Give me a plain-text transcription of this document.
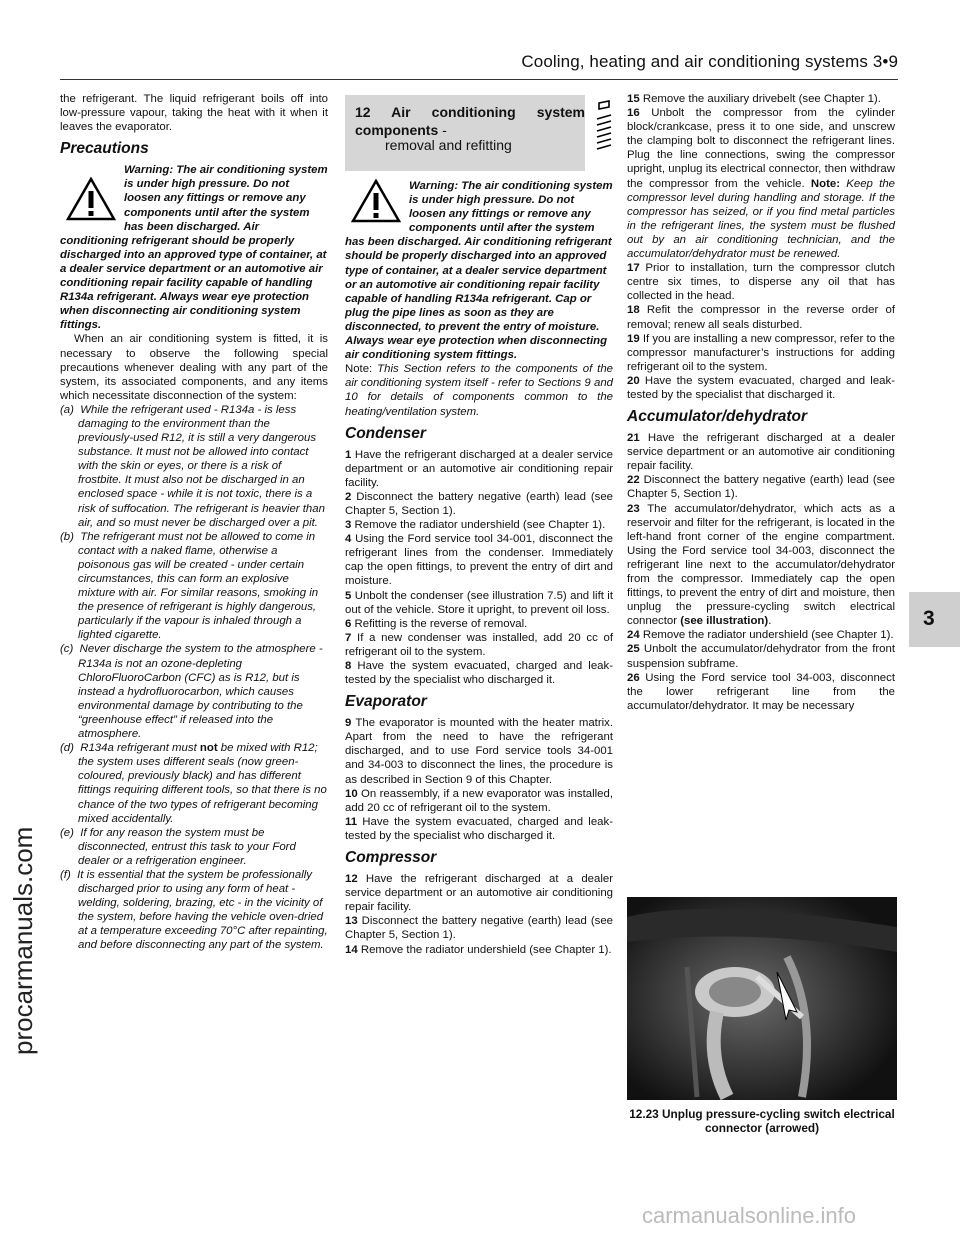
Cooling, heating and air conditioning systems 3•9

the refrigerant. The liquid refrigerant boils off into low-pressure vapour, taking the heat with it when it leaves the evaporator.

Precautions
Warning: The air conditioning system is under high pressure. Do not loosen any fittings or remove any components until after the system has been discharged. Air conditioning refrigerant should be properly discharged into an approved type of container, at a dealer service department or an automotive air conditioning repair facility capable of handling R134a refrigerant. Always wear eye protection when disconnecting air conditioning system fittings.

When an air conditioning system is fitted, it is necessary to observe the following special precautions whenever dealing with any part of the system, its associated components, and any items which necessitate disconnection of the system:

(a)  While the refrigerant used - R134a - is less damaging to the environment than the previously-used R12, it is still a very dangerous substance. It must not be allowed into contact with the skin or eyes, or there is a risk of frostbite. It must also not be discharged in an enclosed space - while it is not toxic, there is a risk of suffocation. The refrigerant is heavier than air, and so must never be discharged over a pit.

(b)  The refrigerant must not be allowed to come in contact with a naked flame, otherwise a poisonous gas will be created - under certain circumstances, this can form an explosive mixture with air. For similar reasons, smoking in the presence of refrigerant is highly dangerous, particularly if the vapour is inhaled through a lighted cigarette.

(c)  Never discharge the system to the atmosphere - R134a is not an ozone-depleting ChloroFluoroCarbon (CFC) as is R12, but is instead a hydrofluorocarbon, which causes environmental damage by contributing to the “greenhouse effect” if released into the atmosphere.

(d)  R134a refrigerant must not be mixed with R12; the system uses different seals (now green-coloured, previously black) and has different fittings requiring different tools, so that there is no chance of the two types of refrigerant becoming mixed accidentally.

(e)  If for any reason the system must be disconnected, entrust this task to your Ford dealer or a refrigeration engineer.

(f)  It is essential that the system be professionally discharged prior to using any form of heat - welding, soldering, brazing, etc - in the vicinity of the system, before having the vehicle oven-dried at a temperature exceeding 70°C after repainting, and before disconnecting any part of the system.

12 Air conditioning system components -
removal and refitting
Warning: The air conditioning system is under high pressure. Do not loosen any fittings or remove any components until after the system has been discharged. Air conditioning refrigerant should be properly discharged into an approved type of container, at a dealer service department or an automotive air conditioning repair facility capable of handling R134a refrigerant. Cap or plug the pipe lines as soon as they are disconnected, to prevent the entry of moisture. Always wear eye protection when disconnecting air conditioning system fittings.

Note: This Section refers to the components of the air conditioning system itself - refer to Sections 9 and 10 for details of components common to the heating/ventilation system.

Condenser

1 Have the refrigerant discharged at a dealer service department or an automotive air conditioning repair facility.

2 Disconnect the battery negative (earth) lead (see Chapter 5, Section 1).

3 Remove the radiator undershield (see Chapter 1).

4 Using the Ford service tool 34-001, disconnect the refrigerant lines from the condenser. Immediately cap the open fittings, to prevent the entry of dirt and moisture.

5 Unbolt the condenser (see illustration 7.5) and lift it out of the vehicle. Store it upright, to prevent oil loss.

6 Refitting is the reverse of removal.

7 If a new condenser was installed, add 20 cc of refrigerant oil to the system.

8 Have the system evacuated, charged and leak-tested by the specialist who discharged it.

Evaporator

9 The evaporator is mounted with the heater matrix. Apart from the need to have the refrigerant discharged, and to use Ford service tools 34-001 and 34-003 to disconnect the lines, the procedure is as described in Section 9 of this Chapter.

10 On reassembly, if a new evaporator was installed, add 20 cc of refrigerant oil to the system.

11 Have the system evacuated, charged and leak-tested by the specialist who discharged it.

Compressor

12 Have the refrigerant discharged at a dealer service department or an automotive air conditioning repair facility.

13 Disconnect the battery negative (earth) lead (see Chapter 5, Section 1).

14 Remove the radiator undershield (see Chapter 1).

15 Remove the auxiliary drivebelt (see Chapter 1).

16 Unbolt the compressor from the cylinder block/crankcase, press it to one side, and unscrew the clamping bolt to disconnect the refrigerant lines. Plug the line connections, swing the compressor upright, unplug its electrical connector, then withdraw the compressor from the vehicle. Note: Keep the compressor level during handling and storage. If the compressor has seized, or if you find metal particles in the refrigerant lines, the system must be flushed out by an air conditioning technician, and the accumulator/dehydrator must be renewed.

17 Prior to installation, turn the compressor clutch centre six times, to disperse any oil that has collected in the head.

18 Refit the compressor in the reverse order of removal; renew all seals disturbed.

19 If you are installing a new compressor, refer to the compressor manufacturer’s instructions for adding refrigerant oil to the system.

20 Have the system evacuated, charged and leak-tested by the specialist that discharged it.

Accumulator/dehydrator

21 Have the refrigerant discharged at a dealer service department or an automotive air conditioning repair facility.

22 Disconnect the battery negative (earth) lead (see Chapter 5, Section 1).

23 The accumulator/dehydrator, which acts as a reservoir and filter for the refrigerant, is located in the left-hand front corner of the engine compartment. Using the Ford service tool 34-003, disconnect the refrigerant line next to the accumulator/dehydrator from the compressor. Immediately cap the open fittings, to prevent the entry of dirt and moisture, then unplug the pressure-cycling switch electrical connector (see illustration).

24 Remove the radiator undershield (see Chapter 1).

25 Unbolt the accumulator/dehydrator from the front suspension subframe.

26 Using the Ford service tool 34-003, disconnect the lower refrigerant line from the accumulator/dehydrator. It may be necessary

12.23 Unplug pressure-cycling switch electrical connector (arrowed)
3
procarmanuals.com
carmanualsonline.info
